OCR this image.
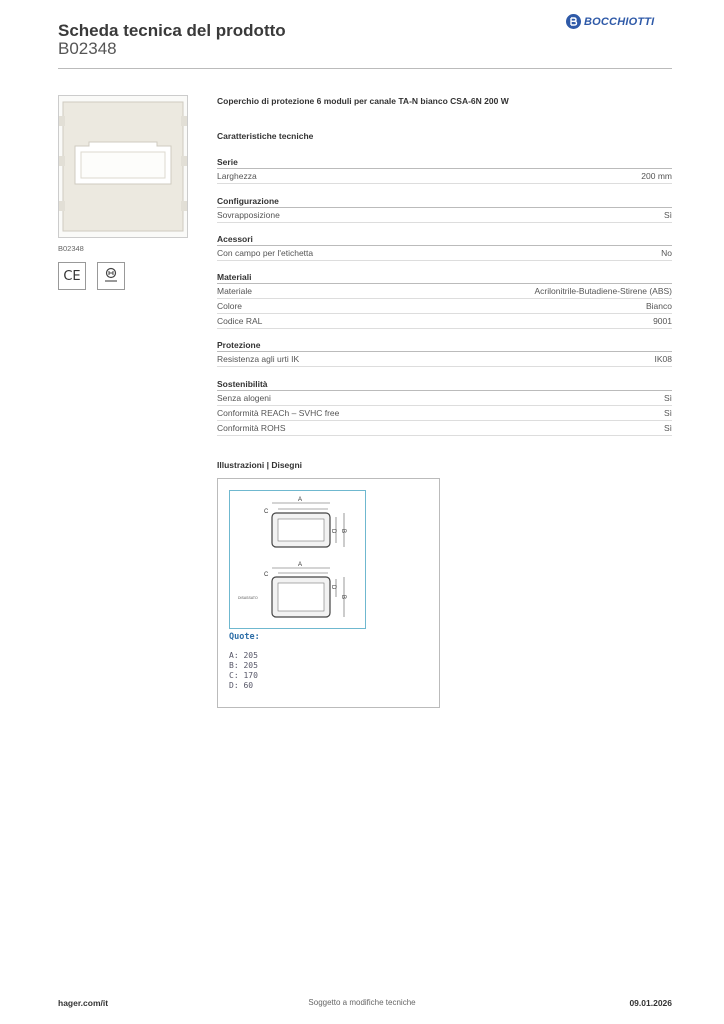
Scheda tecnica del prodotto
B02348
BOCCHIOTTI
B02348
CE
Coperchio di protezione 6 moduli per canale TA-N bianco CSA-6N 200 W
Caratteristiche tecniche
Serie
Larghezza	200 mm
Configurazione
Sovrapposizione	Sì
Acessori
Con campo per l'etichetta	No
Materiali
Materiale	Acrilonitrile-Butadiene-Stirene (ABS)
Colore	Bianco
Codice RAL	9001
Protezione
Resistenza agli urti IK	IK08
Sostenibilità
Senza alogeni	Sì
Conformità REACh – SVHC free	Sì
Conformità ROHS	Sì
Illustrazioni | Disegni
A
C
D B
A
C
D
B
DISASSATO
Quote:
A: 205
B: 205
C: 170
D: 60
hager.com/it	Soggetto a modifiche tecniche	09.01.2026
